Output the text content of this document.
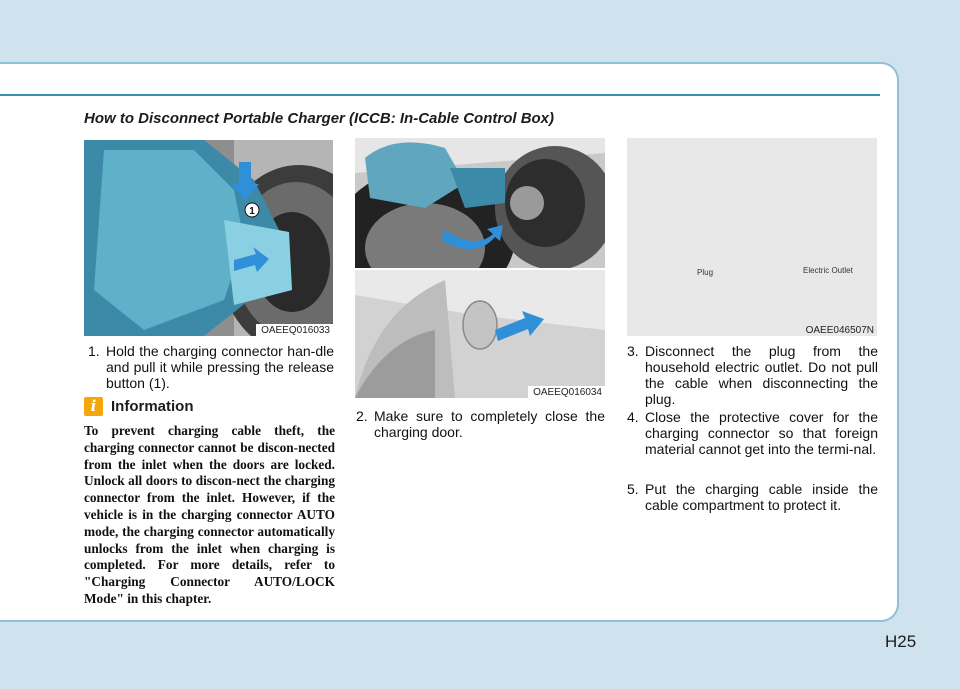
How to Disconnect Portable Charger (ICCB: In-Cable Control Box)
1
OAEEQ016033
OAEEQ016034
Plug	Electric Outlet
OAEE046507N

1. Hold the charging connector han-dle and pull it while pressing the release button (1).

i Information

To prevent charging cable theft, the charging connector cannot be discon-nected from the inlet when the doors are locked. Unlock all doors to discon-nect the charging connector from the inlet. However, if the vehicle is in the charging connector AUTO mode, the charging connector automatically unlocks from the inlet when charging is completed. For more details, refer to "Charging Connector AUTO/LOCK Mode" in this chapter.

2. Make sure to completely close the charging door.

3. Disconnect the plug from the household electric outlet. Do not pull the cable when disconnecting the plug.

4. Close the protective cover for the charging connector so that foreign material cannot get into the termi-nal.

5. Put the charging cable inside the cable compartment to protect it.

H25
